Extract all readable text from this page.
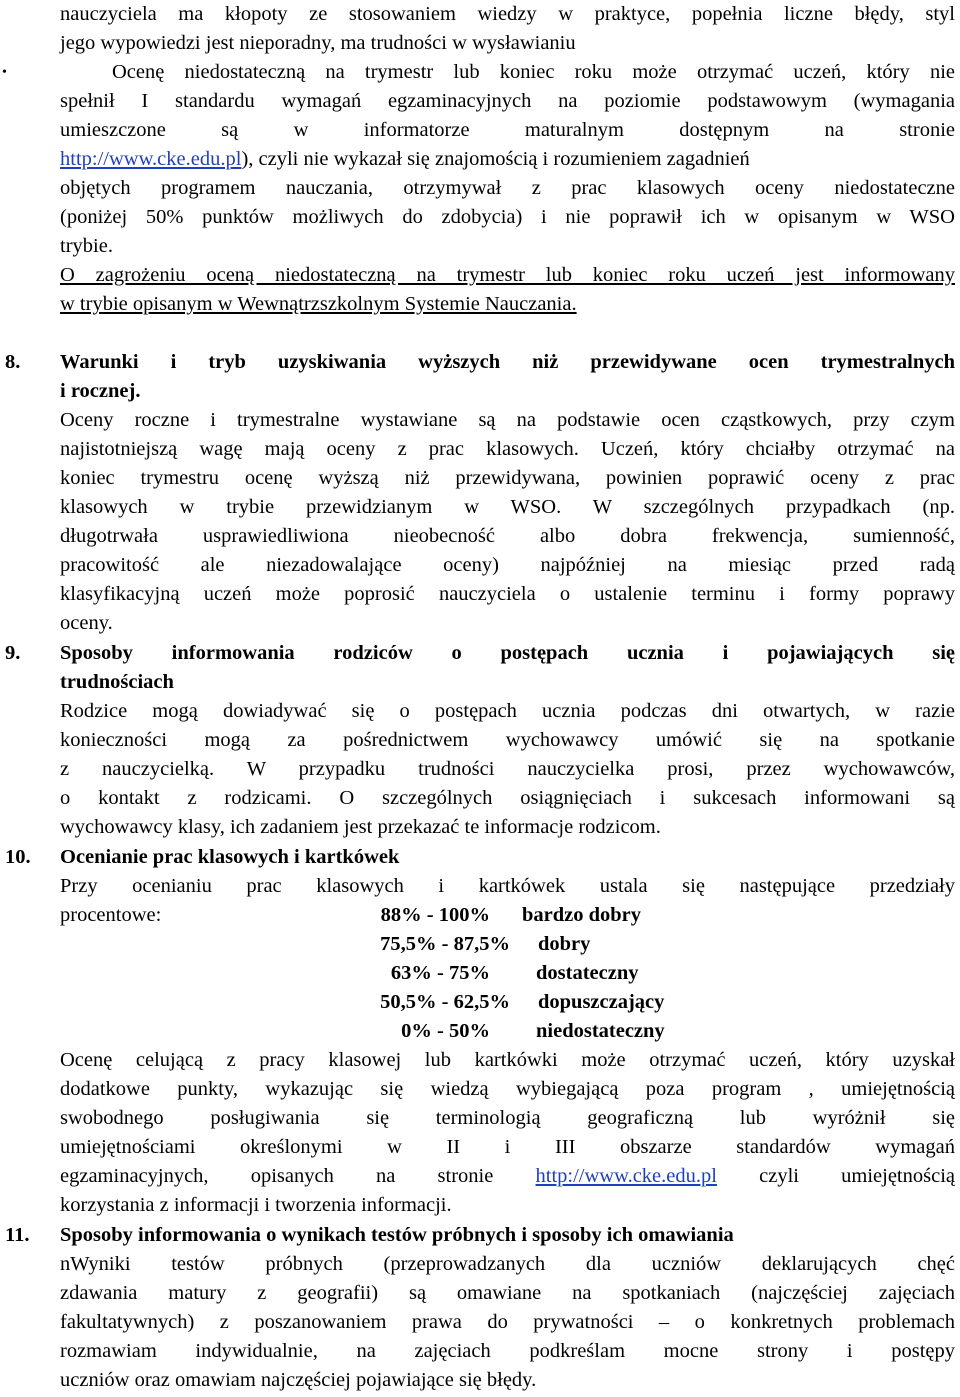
nauczyciela ma kłopoty ze stosowaniem wiedzy w praktyce, popełnia liczne błędy, styl
jego wypowiedzi jest nieporadny, ma trudności w wysławianiu
•	Ocenę niedostateczną na trymestr lub koniec roku może otrzymać uczeń, który nie
spełnił I standardu wymagań egzaminacyjnych na poziomie podstawowym (wymagania
umieszczone są w informatorze maturalnym dostępnym na stronie
http://www.cke.edu.pl), czyli nie wykazał się znajomością i rozumieniem zagadnień
objętych programem nauczania, otrzymywał z prac klasowych oceny niedostateczne
(poniżej 50% punktów możliwych do zdobycia) i nie poprawił ich w opisanym w WSO
trybie.
O zagrożeniu oceną niedostateczną na trymestr lub koniec roku uczeń jest informowany
w trybie opisanym w Wewnątrzszkolnym Systemie Nauczania.
8. Warunki i tryb uzyskiwania wyższych niż przewidywane ocen trymestralnych
i rocznej.
Oceny roczne i trymestralne wystawiane są na podstawie ocen cząstkowych, przy czym
najistotniejszą wagę mają oceny z prac klasowych. Uczeń, który chciałby otrzymać na
koniec trymestru ocenę wyższą niż przewidywana, powinien poprawić oceny z prac
klasowych w trybie przewidzianym w WSO. W szczególnych przypadkach (np.
długotrwała usprawiedliwiona nieobecność albo dobra frekwencja, sumienność,
pracowitość ale niezadowalające oceny) najpóźniej na miesiąc przed radą
klasyfikacyjną uczeń może poprosić nauczyciela o ustalenie terminu i formy poprawy
oceny.
9. Sposoby informowania rodziców o postępach ucznia i pojawiających się
trudnościach
Rodzice mogą dowiadywać się o postępach ucznia podczas dni otwartych, w razie
konieczności mogą za pośrednictwem wychowawcy umówić się na spotkanie
z nauczycielką. W przypadku trudności nauczycielka prosi, przez wychowawców,
o kontakt z rodzicami. O szczególnych osiągnięciach i sukcesach informowani są
wychowawcy klasy, ich zadaniem jest przekazać te informacje rodzicom.
10. Ocenianie prac klasowych i kartkówek
Przy ocenianiu prac klasowych i kartkówek ustala się następujące przedziały
procentowe:	88% - 100% bardzo dobry
75,5% - 87,5% dobry
63% - 75% dostateczny
50,5% - 62,5% dopuszczający
0% - 50% niedostateczny
Ocenę celującą z pracy klasowej lub kartkówki może otrzymać uczeń, który uzyskał
dodatkowe punkty, wykazując się wiedzą wybiegającą poza program , umiejętnością
swobodnego posługiwania się terminologią geograficzną lub wyróżnił się
umiejętnościami określonymi w II i III obszarze standardów wymagań
egzaminacyjnych, opisanych na stronie http://www.cke.edu.pl czyli umiejętnością
korzystania z informacji i tworzenia informacji.
11. Sposoby informowania o wynikach testów próbnych i sposoby ich omawiania
nWyniki testów próbnych (przeprowadzanych dla uczniów deklarujących chęć
zdawania matury z geografii) są omawiane na spotkaniach (najczęściej zajęciach
fakultatywnych) z poszanowaniem prawa do prywatności – o konkretnych problemach
rozmawiam indywidualnie, na zajęciach podkreślam mocne strony i postępy
uczniów oraz omawiam najczęściej pojawiające się błędy.
